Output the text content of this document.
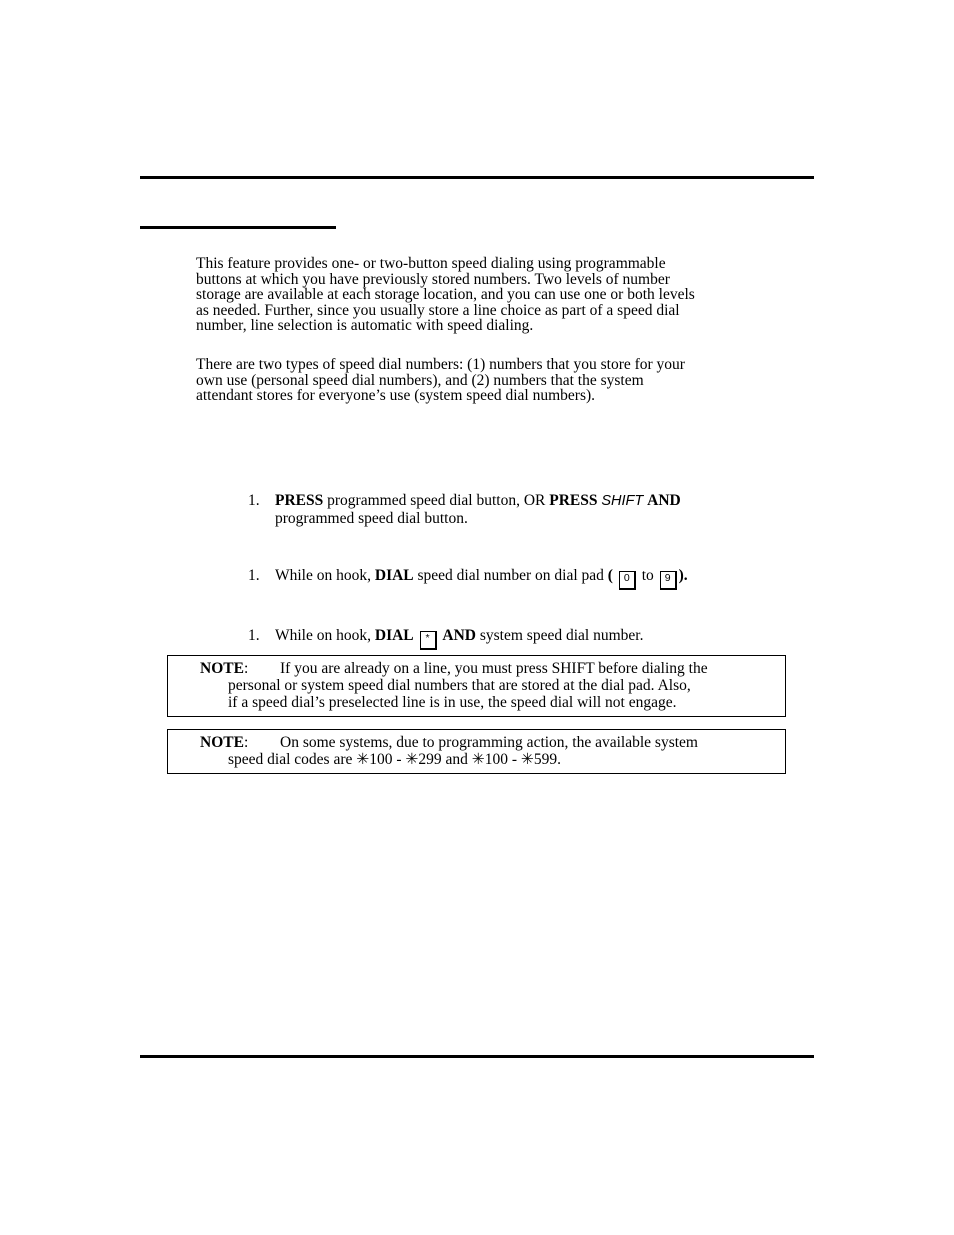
This feature provides one- or two-button speed dialing using programmable
buttons at which you have previously stored numbers. Two levels of number
storage are available at each storage location, and you can use one or both levels
as needed. Further, since you usually store a line choice as part of a speed dial
number, line selection is automatic with speed dialing.
There are two types of speed dial numbers: (1) numbers that you store for your
own use (personal speed dial numbers), and (2) numbers that the system
attendant stores for everyone’s use (system speed dial numbers).
1. PRESS programmed speed dial button, OR PRESS SHIFT AND
programmed speed dial button.
1. While on hook, DIAL speed dial number on dial pad ( 0 to 9 ).
1. While on hook, DIAL * AND system speed dial number.
NOTE: If you are already on a line, you must press SHIFT before dialing the
personal or system speed dial numbers that are stored at the dial pad. Also,
if a speed dial’s preselected line is in use, the speed dial will not engage.
NOTE: On some systems, due to programming action, the available system
speed dial codes are ✳100 - ✳299 and ✳100 - ✳599.
